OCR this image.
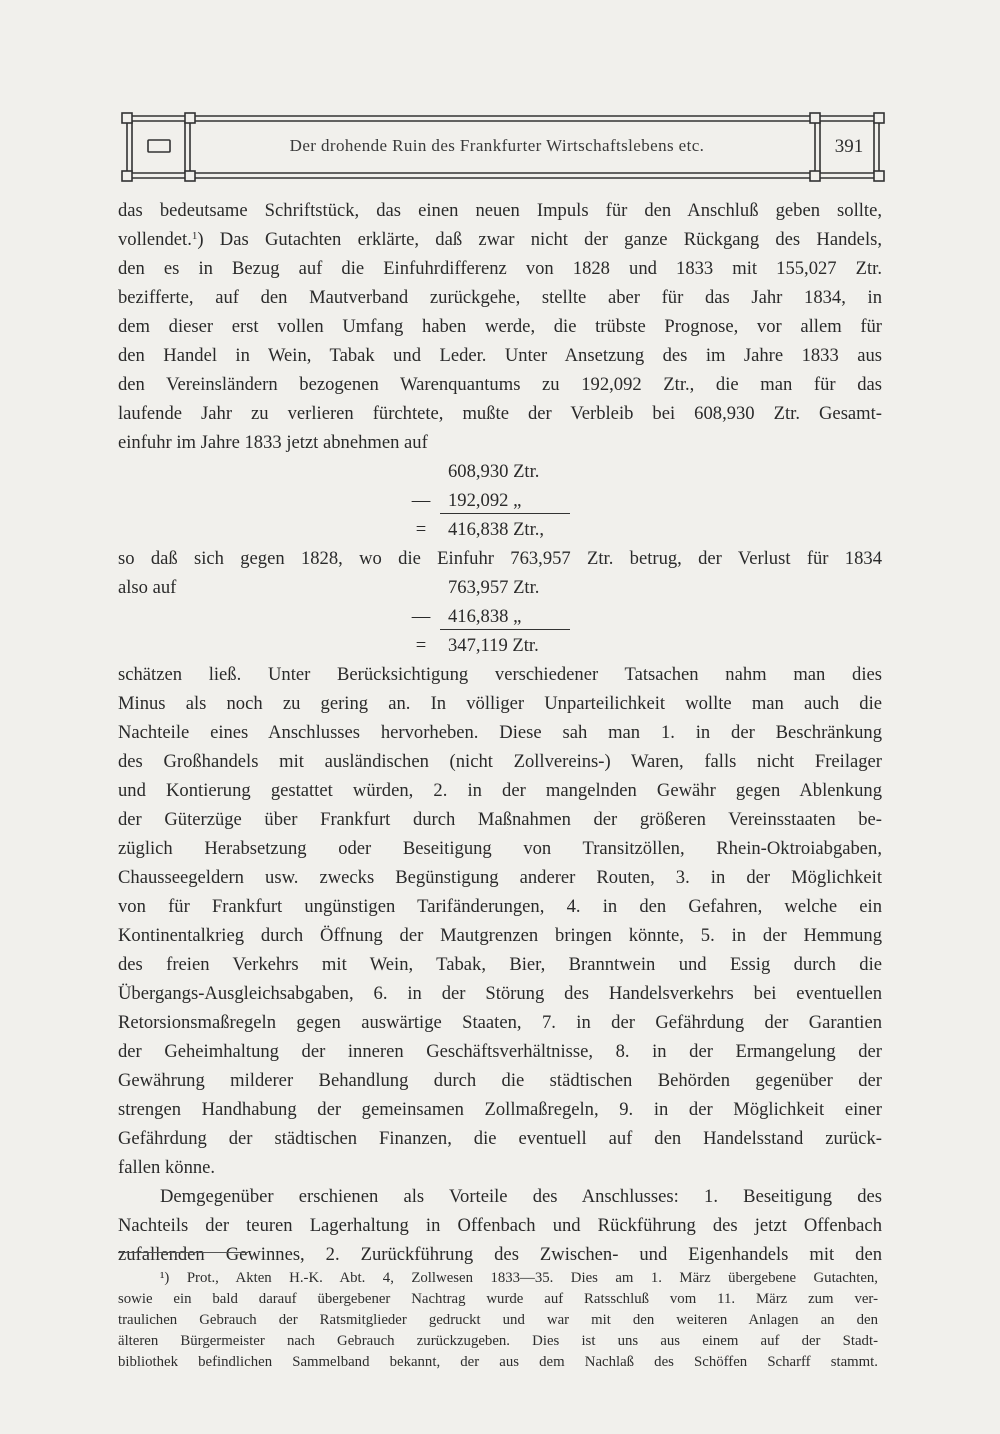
Der drohende Ruin des Frankfurter Wirtschaftslebens etc.	391
das bedeutsame Schriftstück, das einen neuen Impuls für den Anschluß geben sollte,
vollendet.$^1$) Das Gutachten erklärte, daß zwar nicht der ganze Rückgang des Handels,
den es in Bezug auf die Einfuhrdifferenz von 1828 und 1833 mit 155,027 Ztr.
bezifferte, auf den Mautverband zurückgehe, stellte aber für das Jahr 1834, in
dem dieser erst vollen Umfang haben werde, die trübste Prognose, vor allem für
den Handel in Wein, Tabak und Leder. Unter Ansetzung des im Jahre 1833 aus
den Vereinsländern bezogenen Warenquantums zu 192,092 Ztr., die man für das
laufende Jahr zu verlieren fürchtete, mußte der Verbleib bei 608,930 Ztr. Gesamt-
einfuhr im Jahre 1833 jetzt abnehmen auf
608,930 Ztr.
— 192,092 „
=	416,838 Ztr.,
so daß sich gegen 1828, wo die Einfuhr 763,957 Ztr. betrug, der Verlust für 1834
also auf	763,957 Ztr.
— 416,838 „
=	347,119 Ztr.
schätzen ließ. Unter Berücksichtigung verschiedener Tatsachen nahm man dies
Minus als noch zu gering an. In völliger Unparteilichkeit wollte man auch die
Nachteile eines Anschlusses hervorheben. Diese sah man 1. in der Beschränkung
des Großhandels mit ausländischen (nicht Zollvereins-) Waren, falls nicht Freilager
und Kontierung gestattet würden, 2. in der mangelnden Gewähr gegen Ablenkung
der Güterzüge über Frankfurt durch Maßnahmen der größeren Vereinsstaaten be-
züglich Herabsetzung oder Beseitigung von Transitzöllen, Rhein-Oktroiabgaben,
Chausseegeldern usw. zwecks Begünstigung anderer Routen, 3. in der Möglichkeit
von für Frankfurt ungünstigen Tarifänderungen, 4. in den Gefahren, welche ein
Kontinentalkrieg durch Öffnung der Mautgrenzen bringen könnte, 5. in der Hemmung
des freien Verkehrs mit Wein, Tabak, Bier, Branntwein und Essig durch die
Übergangs-Ausgleichsabgaben, 6. in der Störung des Handelsverkehrs bei eventuellen
Retorsionsmaßregeln gegen auswärtige Staaten, 7. in der Gefährdung der Garantien
der Geheimhaltung der inneren Geschäftsverhältnisse, 8. in der Ermangelung der
Gewährung milderer Behandlung durch die städtischen Behörden gegenüber der
strengen Handhabung der gemeinsamen Zollmaßregeln, 9. in der Möglichkeit einer
Gefährdung der städtischen Finanzen, die eventuell auf den Handelsstand zurück-
fallen könne.
Demgegenüber erschienen als Vorteile des Anschlusses: 1. Beseitigung des
Nachteils der teuren Lagerhaltung in Offenbach und Rückführung des jetzt Offenbach
zufallenden Gewinnes, 2. Zurückführung des Zwischen- und Eigenhandels mit den
¹) Prot., Akten H.-K. Abt. 4, Zollwesen 1833—35. Dies am 1. März übergebene Gutachten,
sowie ein bald darauf übergebener Nachtrag wurde auf Ratsschluß vom 11. März zum ver-
traulichen Gebrauch der Ratsmitglieder gedruckt und war mit den weiteren Anlagen an den
älteren Bürgermeister nach Gebrauch zurückzugeben. Dies ist uns aus einem auf der Stadt-
bibliothek befindlichen Sammelband bekannt, der aus dem Nachlaß des Schöffen Scharff stammt.
